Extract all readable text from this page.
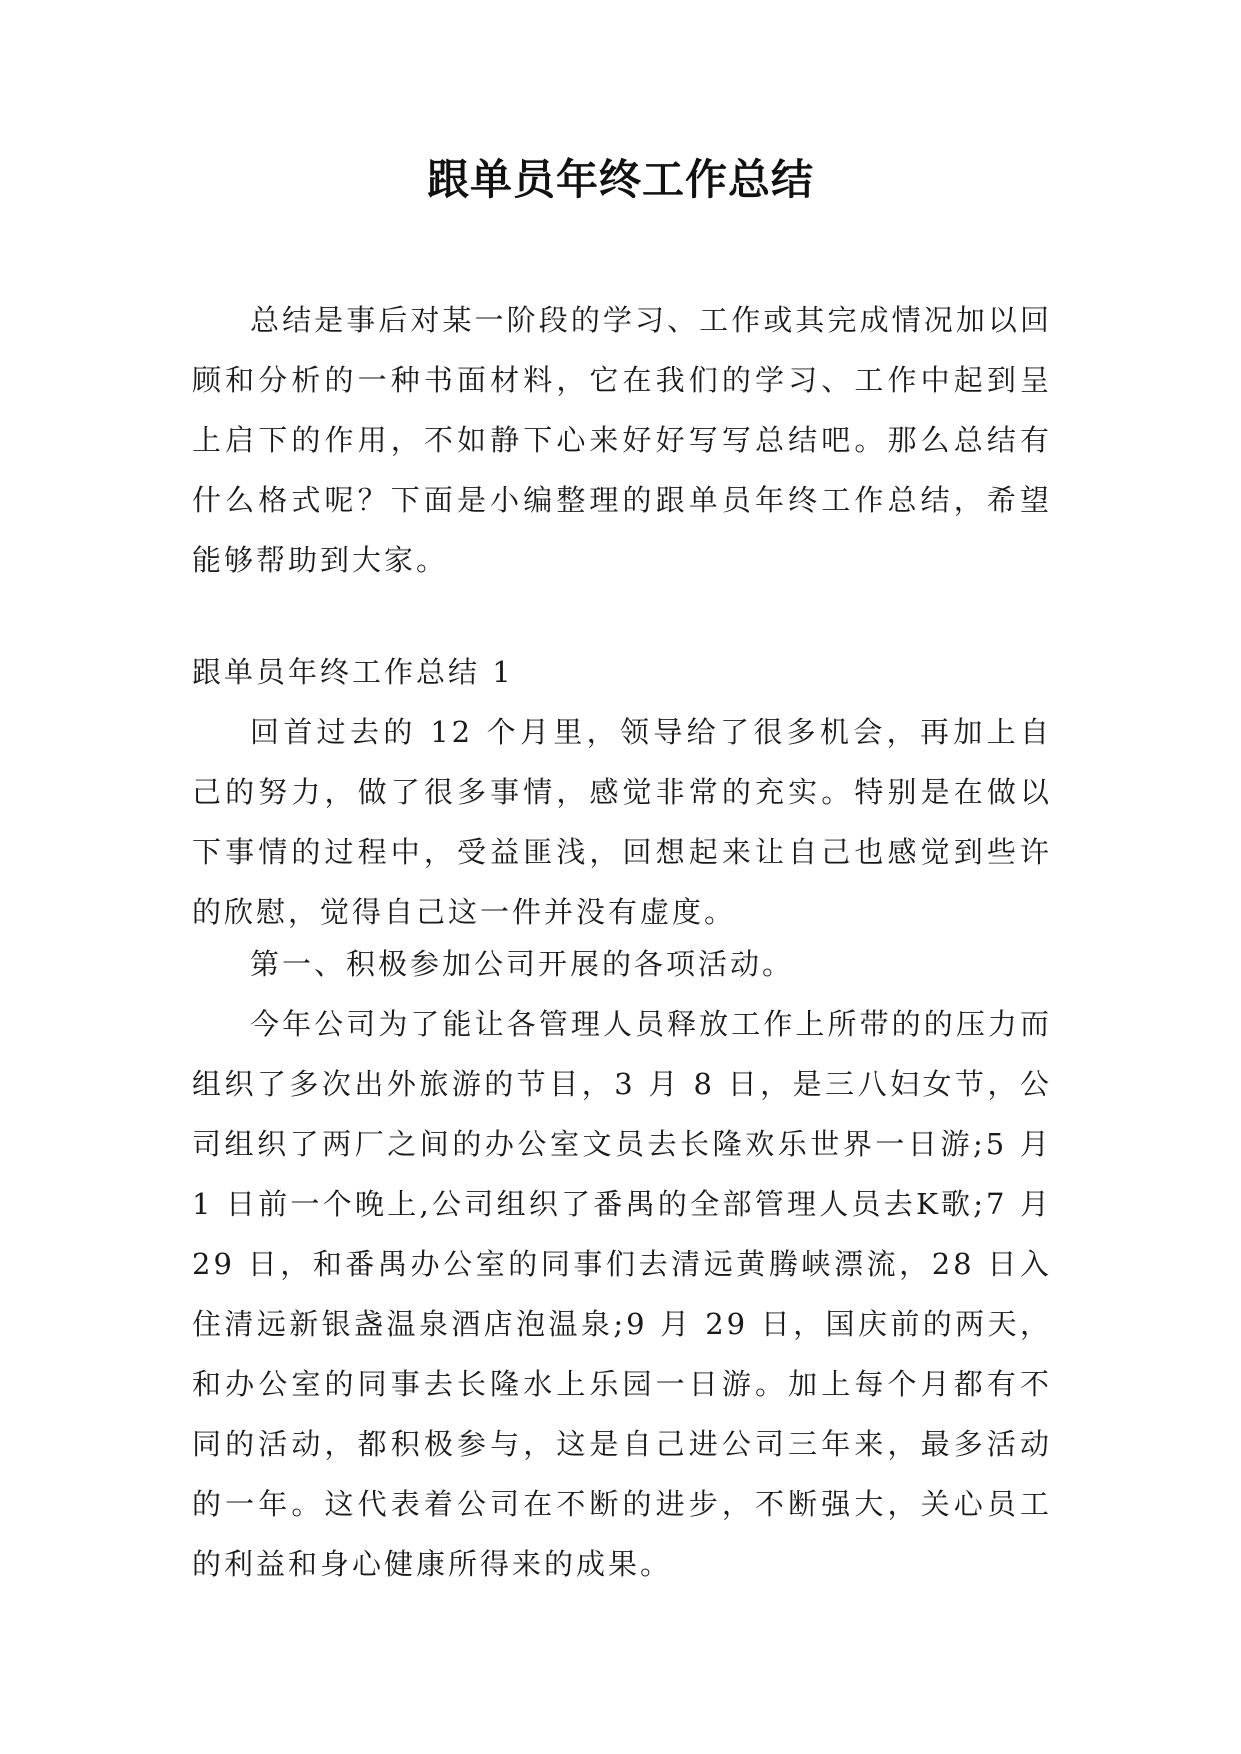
跟单员年终工作总结

总结是事后对某一阶段的学习、工作或其完成情况加以回顾和分析的一种书面材料，它在我们的学习、工作中起到呈上启下的作用，不如静下心来好好写写总结吧。那么总结有什么格式呢？下面是小编整理的跟单员年终工作总结，希望能够帮助到大家。

跟单员年终工作总结 1

回首过去的 12 个月里，领导给了很多机会，再加上自己的努力，做了很多事情，感觉非常的充实。特别是在做以下事情的过程中，受益匪浅，回想起来让自己也感觉到些许的欣慰，觉得自己这一件并没有虚度。

第一、积极参加公司开展的各项活动。

今年公司为了能让各管理人员释放工作上所带的的压力而组织了多次出外旅游的节目，3 月 8 日，是三八妇女节，公司组织了两厂之间的办公室文员去长隆欢乐世界一日游;5 月 1 日前一个晚上,公司组织了番禺的全部管理人员去K歌;7 月 29 日，和番禺办公室的同事们去清远黄腾峡漂流，28 日入住清远新银盏温泉酒店泡温泉;9 月 29 日，国庆前的两天，和办公室的同事去长隆水上乐园一日游。加上每个月都有不同的活动，都积极参与，这是自己进公司三年来，最多活动的一年。这代表着公司在不断的进步，不断强大，关心员工的利益和身心健康所得来的成果。
